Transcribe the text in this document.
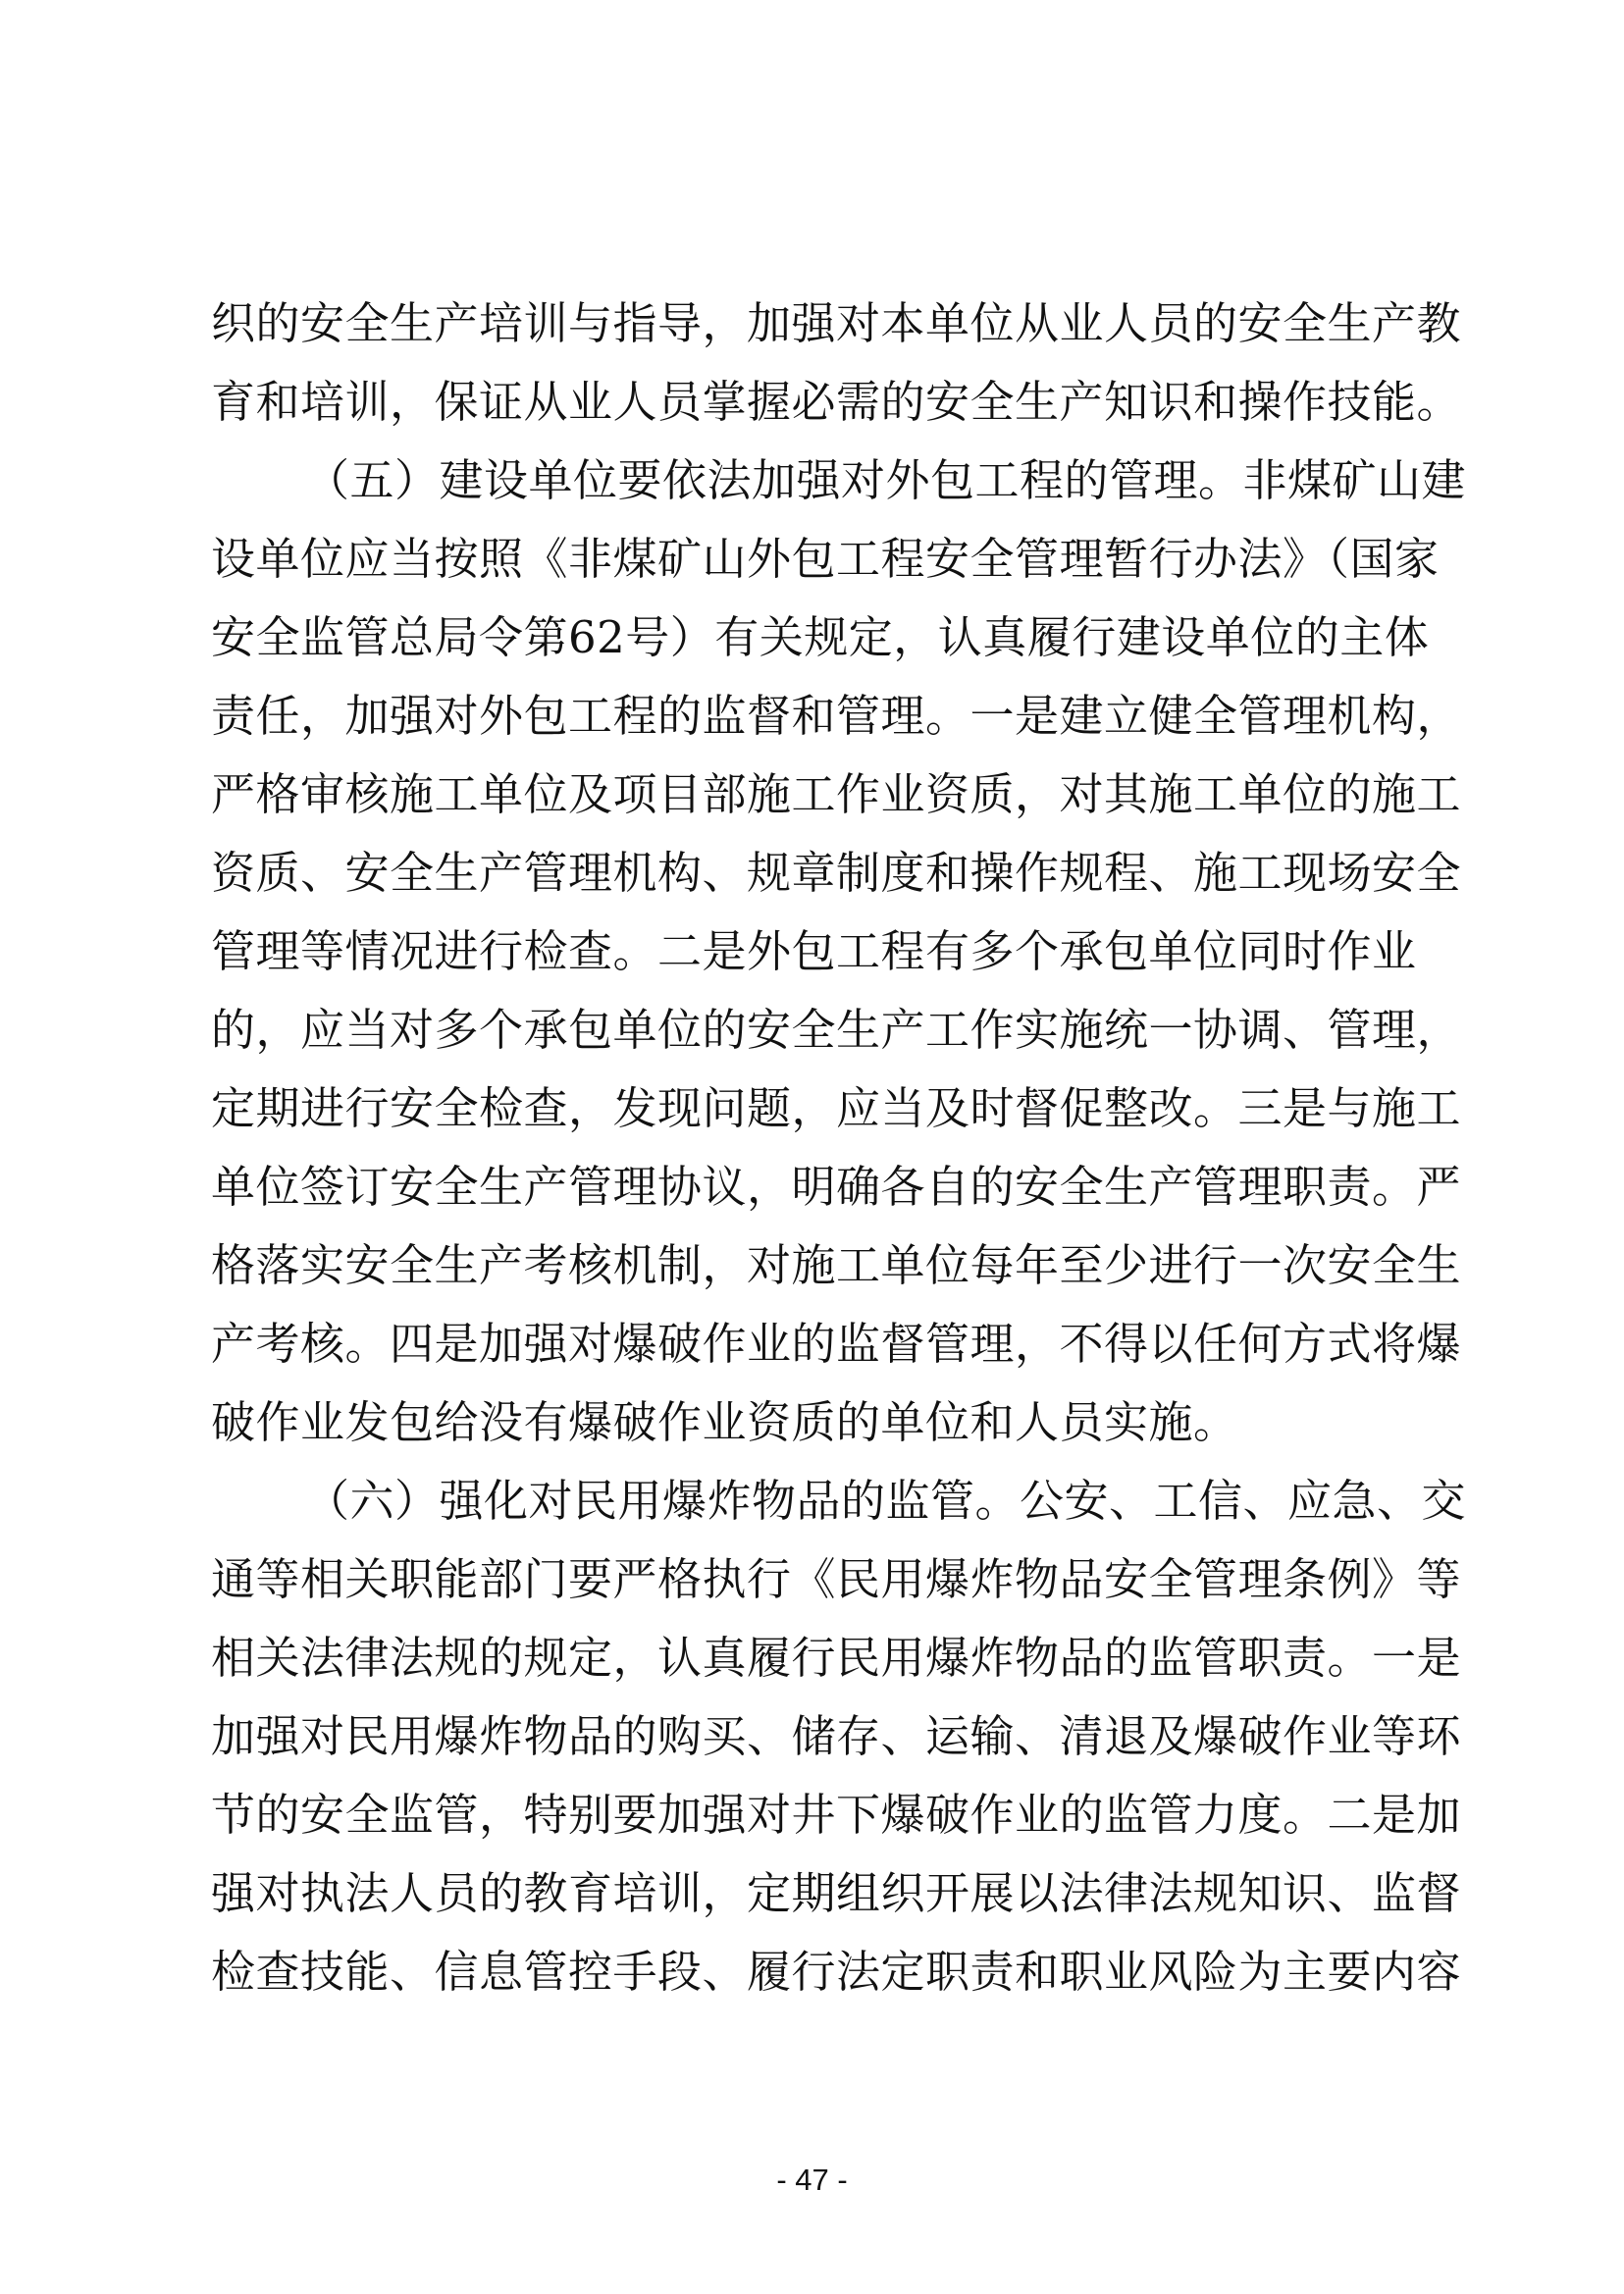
织的安全生产培训与指导，加强对本单位从业人员的安全生产教
育和培训，保证从业人员掌握必需的安全生产知识和操作技能。
（五）建设单位要依法加强对外包工程的管理。非煤矿山建
设单位应当按照《非煤矿山外包工程安全管理暂行办法》（国家
安全监管总局令第62号）有关规定，认真履行建设单位的主体
责任，加强对外包工程的监督和管理。一是建立健全管理机构，
严格审核施工单位及项目部施工作业资质，对其施工单位的施工
资质、安全生产管理机构、规章制度和操作规程、施工现场安全
管理等情况进行检查。二是外包工程有多个承包单位同时作业
的，应当对多个承包单位的安全生产工作实施统一协调、管理，
定期进行安全检查，发现问题，应当及时督促整改。三是与施工
单位签订安全生产管理协议，明确各自的安全生产管理职责。严
格落实安全生产考核机制，对施工单位每年至少进行一次安全生
产考核。四是加强对爆破作业的监督管理，不得以任何方式将爆
破作业发包给没有爆破作业资质的单位和人员实施。
（六）强化对民用爆炸物品的监管。公安、工信、应急、交
通等相关职能部门要严格执行《民用爆炸物品安全管理条例》等
相关法律法规的规定，认真履行民用爆炸物品的监管职责。一是
加强对民用爆炸物品的购买、储存、运输、清退及爆破作业等环
节的安全监管，特别要加强对井下爆破作业的监管力度。二是加
强对执法人员的教育培训，定期组织开展以法律法规知识、监督
检查技能、信息管控手段、履行法定职责和职业风险为主要内容
- 47 -
